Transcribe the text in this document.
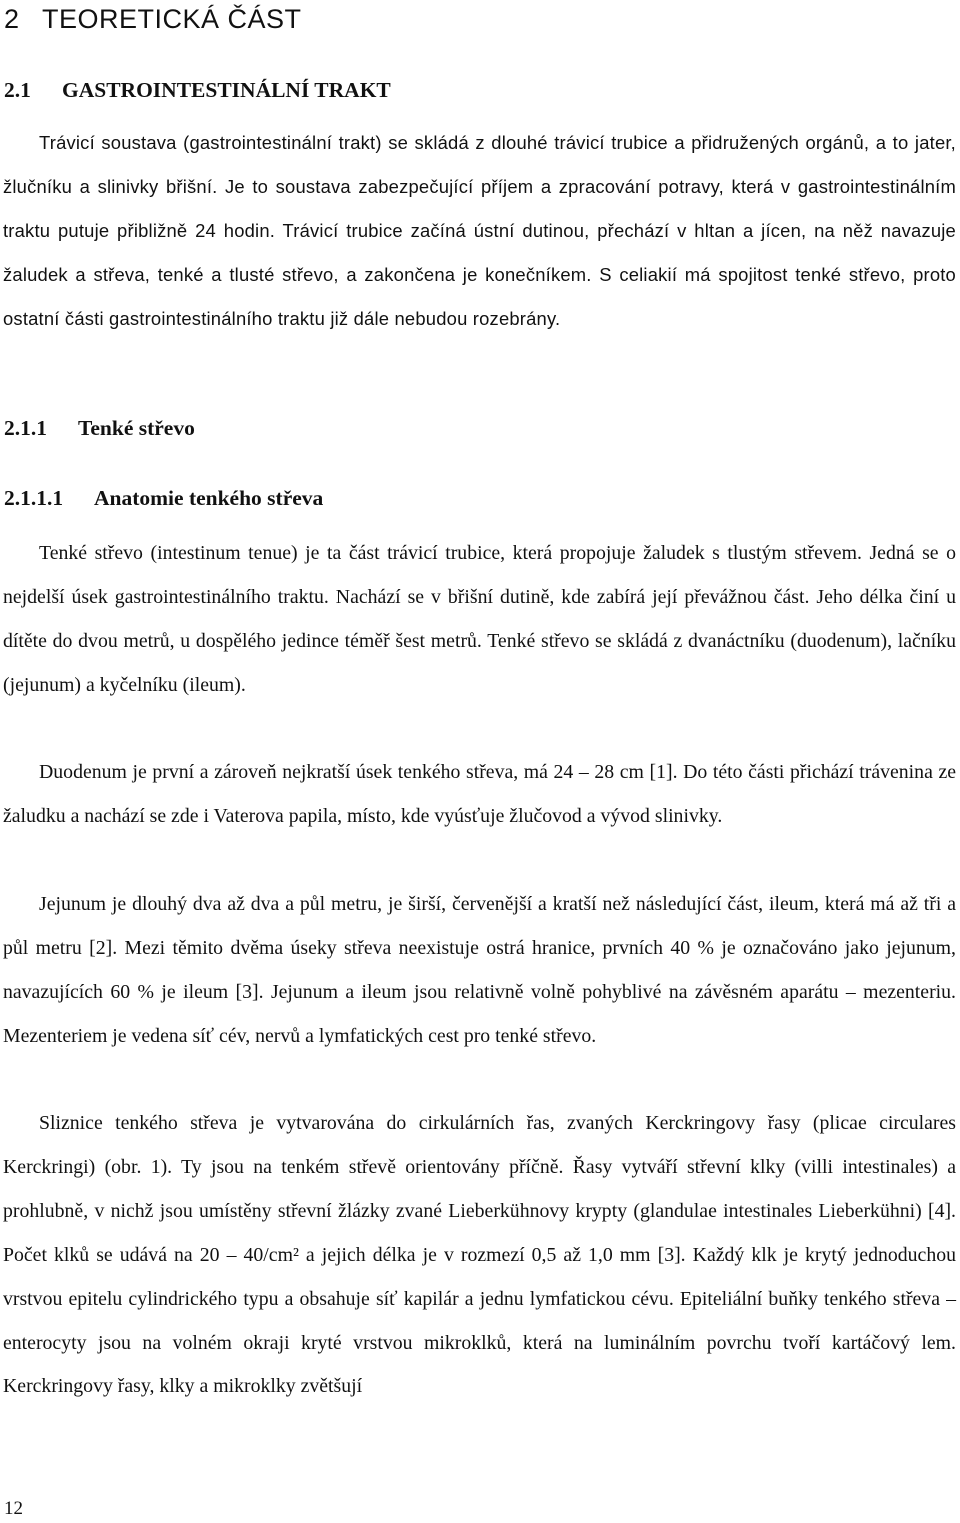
2 TEORETICKÁ ČÁST
2.1 GASTROINTESTINÁLNÍ TRAKT

Trávicí soustava (gastrointestinální trakt) se skládá z dlouhé trávicí trubice a přidružených orgánů, a to jater, žlučníku a slinivky břišní. Je to soustava zabezpečující příjem a zpracování potravy, která v gastrointestinálním traktu putuje přibližně 24 hodin. Trávicí trubice začíná ústní dutinou, přechází v hltan a jícen, na něž navazuje žaludek a střeva, tenké a tlusté střevo, a zakončena je konečníkem. S celiakií má spojitost tenké střevo, proto ostatní části gastrointestinálního traktu již dále nebudou rozebrány.

2.1.1 Tenké střevo
2.1.1.1 Anatomie tenkého střeva

Tenké střevo (intestinum tenue) je ta část trávicí trubice, která propojuje žaludek s tlustým střevem. Jedná se o nejdelší úsek gastrointestinálního traktu. Nachází se v břišní dutině, kde zabírá její převážnou část. Jeho délka činí u dítěte do dvou metrů, u dospělého jedince téměř šest metrů. Tenké střevo se skládá z dvanáctníku (duodenum), lačníku (jejunum) a kyčelníku (ileum).

Duodenum je první a zároveň nejkratší úsek tenkého střeva, má 24 – 28 cm [1]. Do této části přichází trávenina ze žaludku a nachází se zde i Vaterova papila, místo, kde vyúsťuje žlučovod a vývod slinivky.

Jejunum je dlouhý dva až dva a půl metru, je širší, červenější a kratší než následující část, ileum, která má až tři a půl metru [2]. Mezi těmito dvěma úseky střeva neexistuje ostrá hranice, prvních 40 % je označováno jako jejunum, navazujících 60 % je ileum [3]. Jejunum a ileum jsou relativně volně pohyblivé na závěsném aparátu – mezenteriu. Mezenteriem je vedena síť cév, nervů a lymfatických cest pro tenké střevo.

Sliznice tenkého střeva je vytvarována do cirkulárních řas, zvaných Kerckringovy řasy (plicae circulares Kerckringi) (obr. 1). Ty jsou na tenkém střevě orientovány příčně. Řasy vytváří střevní klky (villi intestinales) a prohlubně, v nichž jsou umístěny střevní žlázky zvané Lieberkühnovy krypty (glandulae intestinales Lieberkühni) [4]. Počet klků se udává na 20 – 40/cm² a jejich délka je v rozmezí 0,5 až 1,0 mm [3]. Každý klk je krytý jednoduchou vrstvou epitelu cylindrického typu a obsahuje síť kapilár a jednu lymfatickou cévu. Epiteliální buňky tenkého střeva – enterocyty jsou na volném okraji kryté vrstvou mikroklků, která na luminálním povrchu tvoří kartáčový lem. Kerckringovy řasy, klky a mikroklky zvětšují

12
